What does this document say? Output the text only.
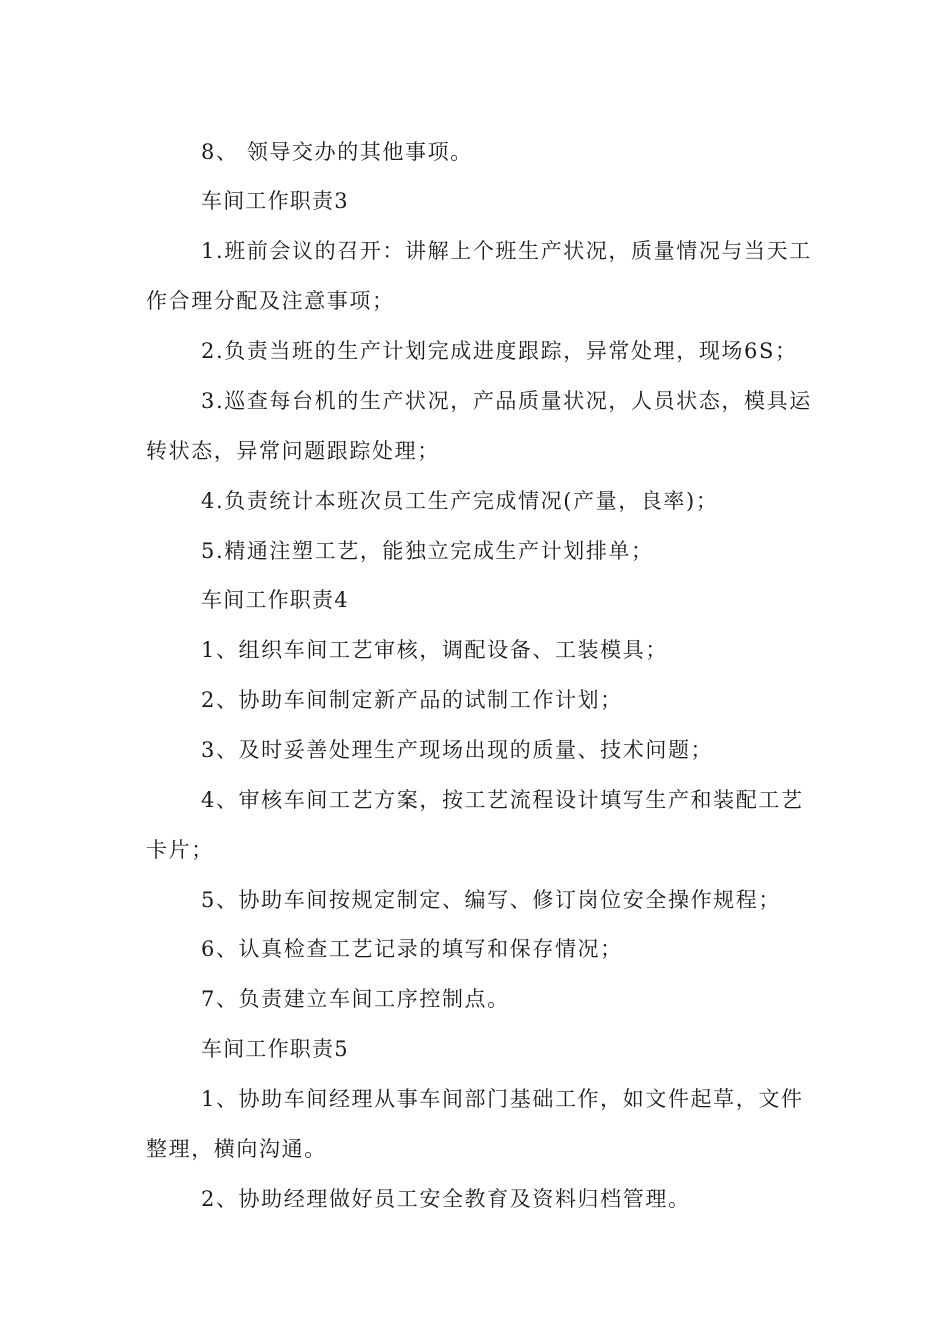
8、 领导交办的其他事项。
车间工作职责3
1.班前会议的召开：讲解上个班生产状况，质量情况与当天工
作合理分配及注意事项；
2.负责当班的生产计划完成进度跟踪，异常处理，现场6S；
3.巡查每台机的生产状况，产品质量状况，人员状态，模具运
转状态，异常问题跟踪处理；
4.负责统计本班次员工生产完成情况(产量，良率)；
5.精通注塑工艺，能独立完成生产计划排单；
车间工作职责4
1、组织车间工艺审核，调配设备、工装模具；
2、协助车间制定新产品的试制工作计划；
3、及时妥善处理生产现场出现的质量、技术问题；
4、审核车间工艺方案，按工艺流程设计填写生产和装配工艺
卡片；
5、协助车间按规定制定、编写、修订岗位安全操作规程；
6、认真检查工艺记录的填写和保存情况；
7、负责建立车间工序控制点。
车间工作职责5
1、协助车间经理从事车间部门基础工作，如文件起草，文件
整理，横向沟通。
2、协助经理做好员工安全教育及资料归档管理。
